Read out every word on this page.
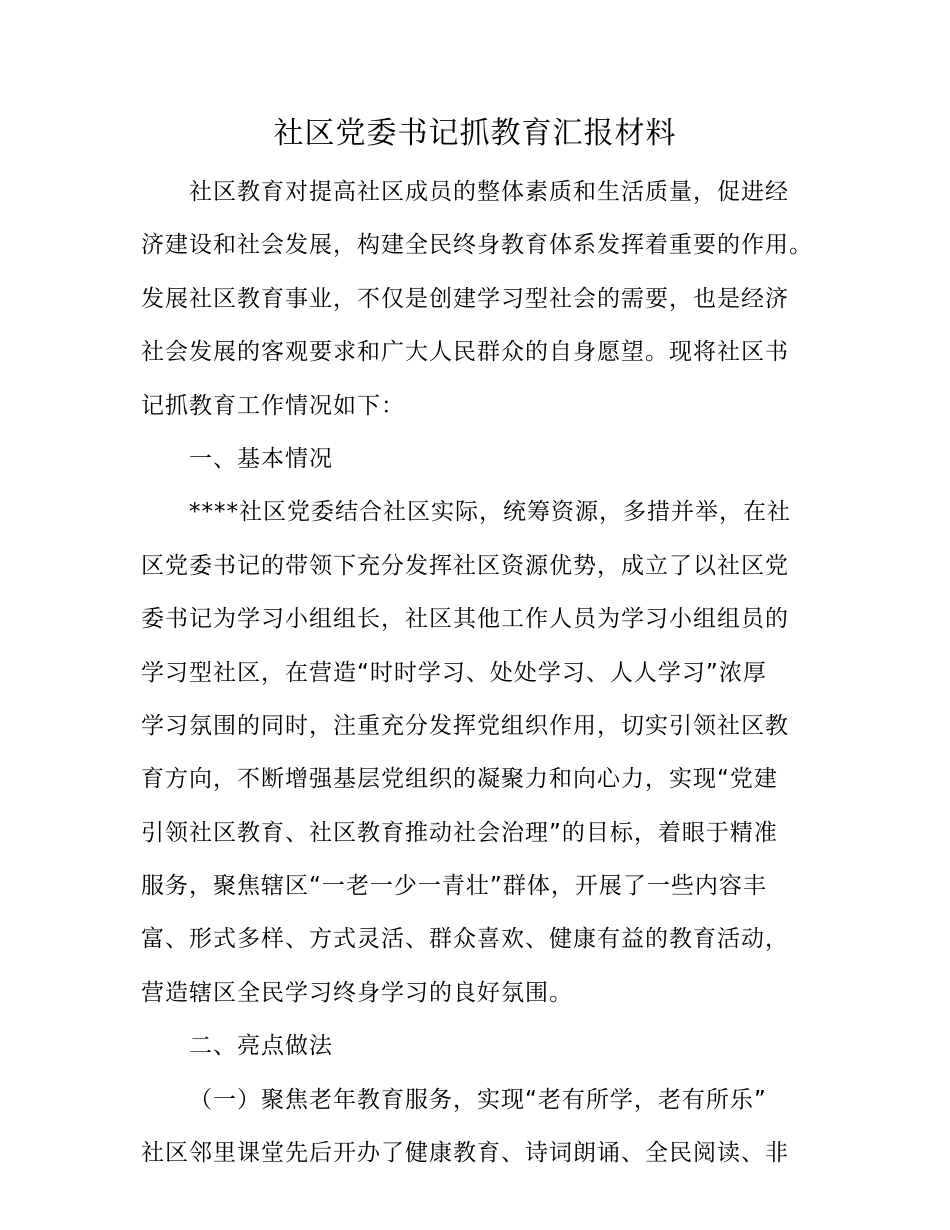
社区党委书记抓教育汇报材料
社区教育对提高社区成员的整体素质和生活质量，促进经
济建设和社会发展，构建全民终身教育体系发挥着重要的作用。
发展社区教育事业，不仅是创建学习型社会的需要，也是经济
社会发展的客观要求和广大人民群众的自身愿望。现将社区书
记抓教育工作情况如下：
一、基本情况
****社区党委结合社区实际，统筹资源，多措并举，在社
区党委书记的带领下充分发挥社区资源优势，成立了以社区党
委书记为学习小组组长，社区其他工作人员为学习小组组员的
学习型社区，在营造“时时学习、处处学习、人人学习”浓厚
学习氛围的同时，注重充分发挥党组织作用，切实引领社区教
育方向，不断增强基层党组织的凝聚力和向心力，实现“党建
引领社区教育、社区教育推动社会治理”的目标，着眼于精准
服务，聚焦辖区“一老一少一青壮”群体，开展了一些内容丰
富、形式多样、方式灵活、群众喜欢、健康有益的教育活动，
营造辖区全民学习终身学习的良好氛围。
二、亮点做法
（一）聚焦老年教育服务，实现“老有所学，老有所乐”
社区邻里课堂先后开办了健康教育、诗词朗诵、全民阅读、非
